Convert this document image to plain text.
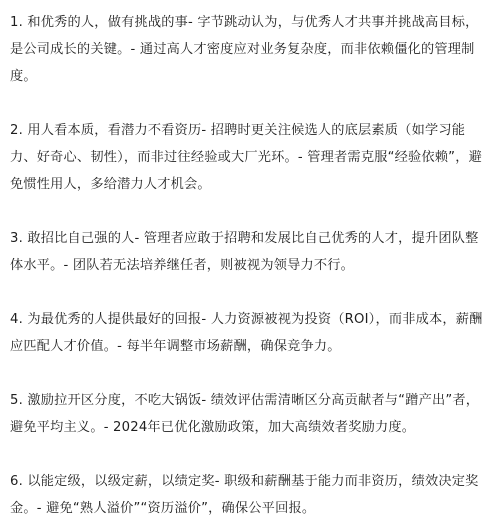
1. 和优秀的人，做有挑战的事- 字节跳动认为，与优秀人才共事并挑战高目标，是公司成长的关键。- 通过高人才密度应对业务复杂度，而非依赖僵化的管理制度。

2. 用人看本质，看潜力不看资历- 招聘时更关注候选人的底层素质（如学习能力、好奇心、韧性），而非过往经验或大厂光环。- 管理者需克服“经验依赖”，避免惯性用人，多给潜力人才机会。

3. 敢招比自己强的人- 管理者应敢于招聘和发展比自己优秀的人才，提升团队整体水平。- 团队若无法培养继任者，则被视为领导力不行。

4. 为最优秀的人提供最好的回报- 人力资源被视为投资（ROI），而非成本，薪酬应匹配人才价值。- 每半年调整市场薪酬，确保竞争力。

5. 激励拉开区分度，不吃大锅饭- 绩效评估需清晰区分高贡献者与“蹭产出”者，避免平均主义。- 2024年已优化激励政策，加大高绩效者奖励力度。

6. 以能定级，以级定薪，以绩定奖- 职级和薪酬基于能力而非资历，绩效决定奖金。- 避免“熟人溢价”“资历溢价”，确保公平回报。
